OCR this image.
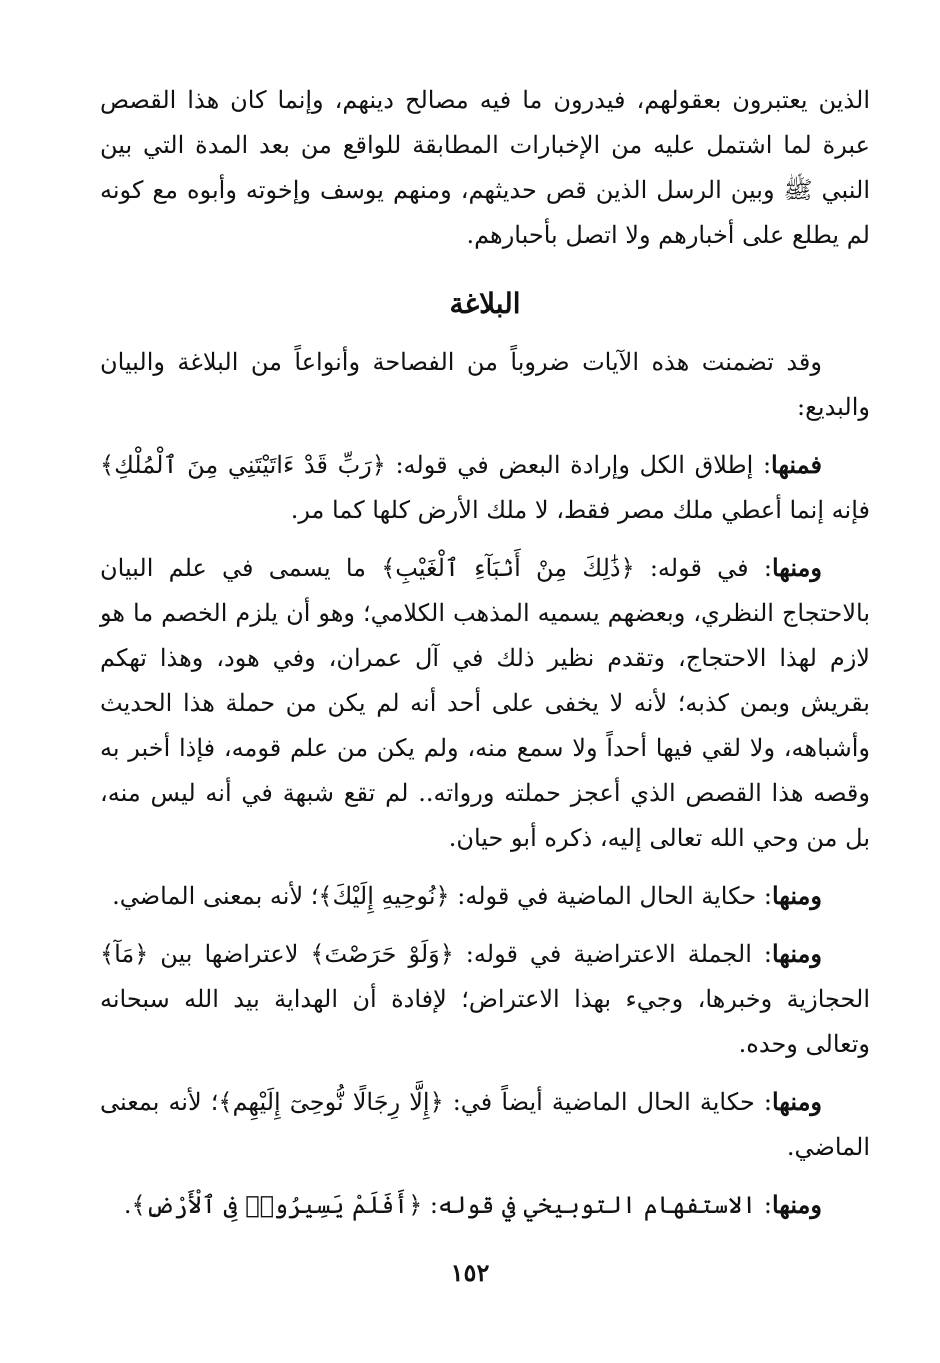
الذين يعتبرون بعقولهم، فيدرون ما فيه مصالح دينهم، وإنما كان هذا القصص عبرة لما اشتمل عليه من الإخبارات المطابقة للواقع من بعد المدة التي بين النبي ﷺ وبين الرسل الذين قص حديثهم، ومنهم يوسف وإخوته وأبوه مع كونه لم يطلع على أخبارهم ولا اتصل بأحبارهم.

البلاغة

وقد تضمنت هذه الآيات ضروباً من الفصاحة وأنواعاً من البلاغة والبيان والبديع:

فمنها: إطلاق الكل وإرادة البعض في قوله: ﴿رَبِّ قَدْ ءَاتَيْتَنِي مِنَ ٱلْمُلْكِ﴾ فإنه إنما أعطي ملك مصر فقط، لا ملك الأرض كلها كما مر.

ومنها: في قوله: ﴿ذَٰلِكَ مِنْ أَنۢبَآءِ ٱلْغَيْبِ﴾ ما يسمى في علم البيان بالاحتجاج النظري، وبعضهم يسميه المذهب الكلامي؛ وهو أن يلزم الخصم ما هو لازم لهذا الاحتجاج، وتقدم نظير ذلك في آل عمران، وفي هود، وهذا تهكم بقريش وبمن كذبه؛ لأنه لا يخفى على أحد أنه لم يكن من حملة هذا الحديث وأشباهه، ولا لقي فيها أحداً ولا سمع منه، ولم يكن من علم قومه، فإذا أخبر به وقصه هذا القصص الذي أعجز حملته ورواته.. لم تقع شبهة في أنه ليس منه، بل من وحي الله تعالى إليه، ذكره أبو حيان.

ومنها: حكاية الحال الماضية في قوله: ﴿نُوحِيهِ إِلَيْكَ﴾؛ لأنه بمعنى الماضي.

ومنها: الجملة الاعتراضية في قوله: ﴿وَلَوْ حَرَصْتَ﴾ لاعتراضها بين ﴿مَآ﴾ الحجازية وخبرها، وجيء بهذا الاعتراض؛ لإفادة أن الهداية بيد الله سبحانه وتعالى وحده.

ومنها: حكاية الحال الماضية أيضاً في: ﴿إِلَّا رِجَالًا نُّوحِىٓ إِلَيْهِم﴾؛ لأنه بمعنى الماضي.

ومنها: الاستفهام التوبيخي في قوله: ﴿أَفَلَمْ يَسِيرُوا۟ فِى ٱلْأَرْضِ﴾.

١٥٢
